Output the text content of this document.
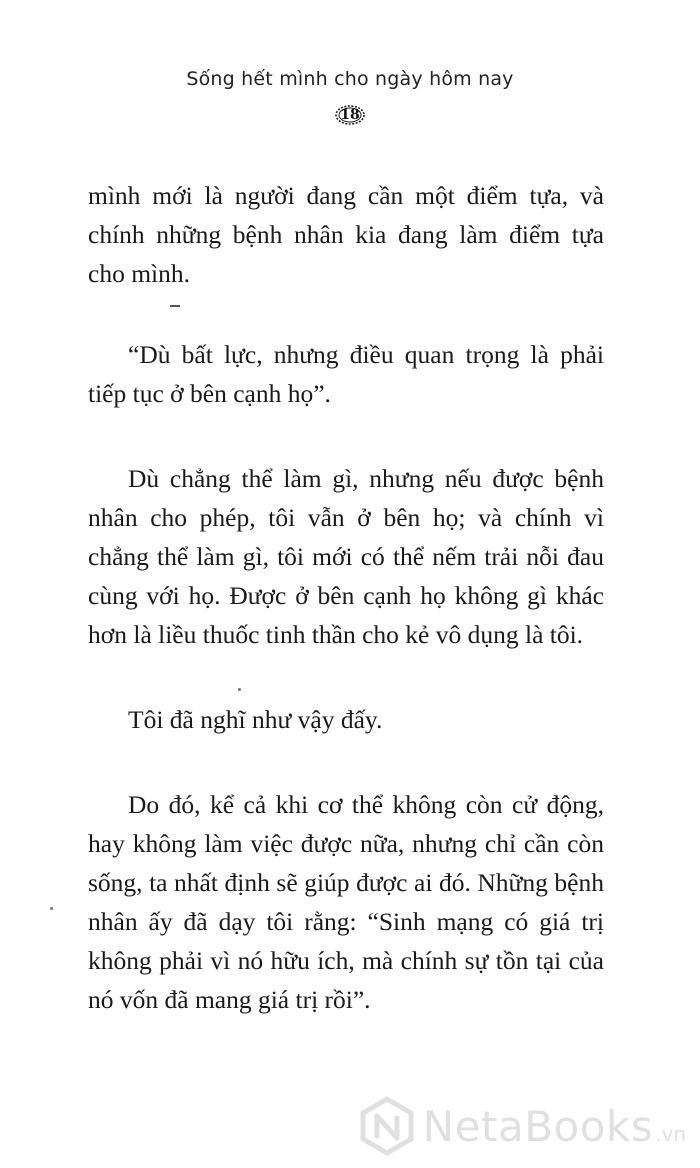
Sống hết mình cho ngày hôm nay
18

mình mới là người đang cần một điểm tựa, và chính những bệnh nhân kia đang làm điểm tựa cho mình.

“Dù bất lực, nhưng điều quan trọng là phải tiếp tục ở bên cạnh họ”.

Dù chẳng thể làm gì, nhưng nếu được bệnh nhân cho phép, tôi vẫn ở bên họ; và chính vì chẳng thể làm gì, tôi mới có thể nếm trải nỗi đau cùng với họ. Được ở bên cạnh họ không gì khác hơn là liều thuốc tinh thần cho kẻ vô dụng là tôi.

Tôi đã nghĩ như vậy đấy.

Do đó, kể cả khi cơ thể không còn cử động, hay không làm việc được nữa, nhưng chỉ cần còn sống, ta nhất định sẽ giúp được ai đó. Những bệnh nhân ấy đã dạy tôi rằng: “Sinh mạng có giá trị không phải vì nó hữu ích, mà chính sự tồn tại của nó vốn đã mang giá trị rồi”.

NetaBooks .vn
